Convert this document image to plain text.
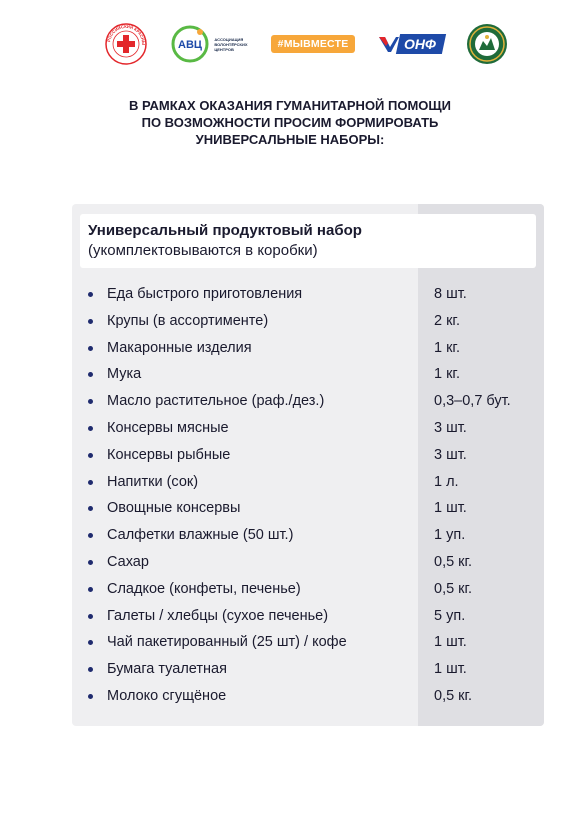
РОССИЙСКИЙ КРАСНЫ	АВЦ	АССОЦИАЦИЯ ВОЛОНТЁРСКИХ ЦЕНТРОВ	#МЫВМЕСТЕ	ОНФ
В РАМКАХ ОКАЗАНИЯ ГУМАНИТАРНОЙ ПОМОЩИ
ПО ВОЗМОЖНОСТИ ПРОСИМ ФОРМИРОВАТЬ
УНИВЕРСАЛЬНЫЕ НАБОРЫ:
Универсальный продуктовый набор
(укомплектовываются в коробки)
Еда быстрого приготовления	8 шт.
Крупы (в ассортименте)	2 кг.
Макаронные изделия	1 кг.
Мука	1 кг.
Масло растительное (раф./дез.)	0,3–0,7 бут.
Консервы мясные	3 шт.
Консервы рыбные	3 шт.
Напитки (сок)	1 л.
Овощные консервы	1 шт.
Салфетки влажные (50 шт.)	1 уп.
Сахар	0,5 кг.
Сладкое (конфеты, печенье)	0,5 кг.
Галеты / хлебцы (сухое печенье)	5 уп.
Чай пакетированный (25 шт) / кофе	1 шт.
Бумага туалетная	1 шт.
Молоко сгущёное	0,5 кг.
